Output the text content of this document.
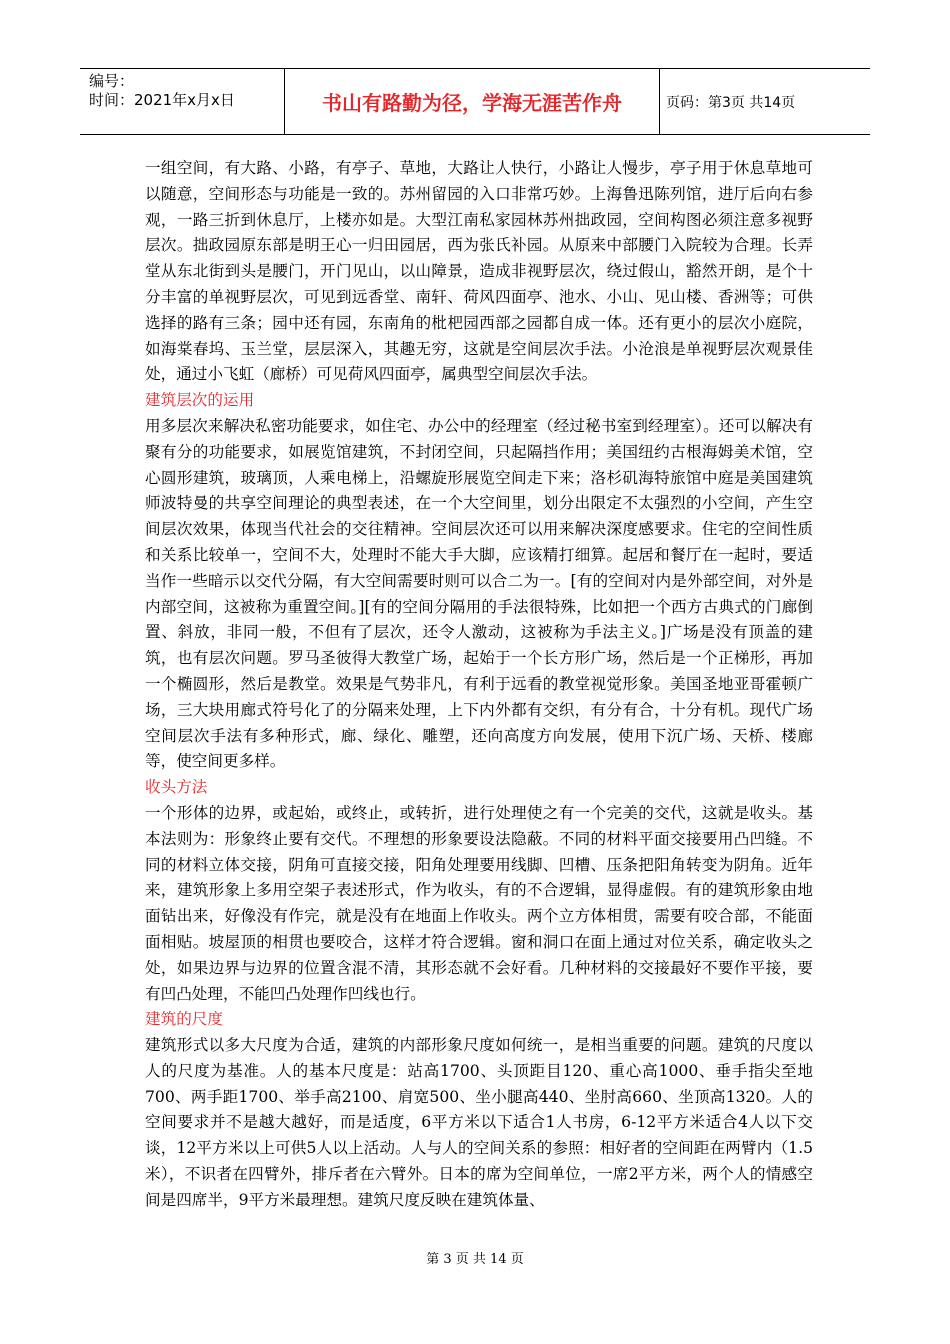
编号：
时间：2021年x月x日	书山有路勤为径，学海无涯苦作舟	页码：第3页 共14页

一组空间，有大路、小路，有亭子、草地，大路让人快行，小路让人慢步，亭子用于休息草地可以随意，空间形态与功能是一致的。苏州留园的入口非常巧妙。上海鲁迅陈列馆，进厅后向右参观，一路三折到休息厅，上楼亦如是。大型江南私家园林苏州拙政园，空间构图必须注意多视野层次。拙政园原东部是明王心一归田园居，西为张氏补园。从原来中部腰门入院较为合理。长弄堂从东北街到头是腰门，开门见山，以山障景，造成非视野层次，绕过假山，豁然开朗，是个十分丰富的单视野层次，可见到远香堂、南轩、荷风四面亭、池水、小山、见山楼、香洲等；可供选择的路有三条；园中还有园，东南角的枇杷园西部之园都自成一体。还有更小的层次小庭院，如海棠春坞、玉兰堂，层层深入，其趣无穷，这就是空间层次手法。小沧浪是单视野层次观景佳处，通过小飞虹（廊桥）可见荷风四面亭，属典型空间层次手法。

建筑层次的运用

用多层次来解决私密功能要求，如住宅、办公中的经理室（经过秘书室到经理室）。还可以解决有聚有分的功能要求，如展览馆建筑，不封闭空间，只起隔挡作用；美国纽约古根海姆美术馆，空心圆形建筑，玻璃顶，人乘电梯上，沿螺旋形展览空间走下来；洛杉矶海特旅馆中庭是美国建筑师波特曼的共享空间理论的典型表述，在一个大空间里，划分出限定不太强烈的小空间，产生空间层次效果，体现当代社会的交往精神。空间层次还可以用来解决深度感要求。住宅的空间性质和关系比较单一，空间不大，处理时不能大手大脚，应该精打细算。起居和餐厅在一起时，要适当作一些暗示以交代分隔，有大空间需要时则可以合二为一。[有的空间对内是外部空间，对外是内部空间，这被称为重置空间。][有的空间分隔用的手法很特殊，比如把一个西方古典式的门廊倒置、斜放，非同一般，不但有了层次，还令人激动，这被称为手法主义。]广场是没有顶盖的建筑，也有层次问题。罗马圣彼得大教堂广场，起始于一个长方形广场，然后是一个正梯形，再加一个椭圆形，然后是教堂。效果是气势非凡，有利于远看的教堂视觉形象。美国圣地亚哥霍顿广场，三大块用廊式符号化了的分隔来处理，上下内外都有交织，有分有合，十分有机。现代广场空间层次手法有多种形式，廊、绿化、雕塑，还向高度方向发展，使用下沉广场、天桥、楼廊等，使空间更多样。

收头方法

一个形体的边界，或起始，或终止，或转折，进行处理使之有一个完美的交代，这就是收头。基本法则为：形象终止要有交代。不理想的形象要设法隐蔽。不同的材料平面交接要用凸凹缝。不同的材料立体交接，阴角可直接交接，阳角处理要用线脚、凹槽、压条把阳角转变为阴角。近年来，建筑形象上多用空架子表述形式，作为收头，有的不合逻辑，显得虚假。有的建筑形象由地面钻出来，好像没有作完，就是没有在地面上作收头。两个立方体相贯，需要有咬合部，不能面面相贴。坡屋顶的相贯也要咬合，这样才符合逻辑。窗和洞口在面上通过对位关系，确定收头之处，如果边界与边界的位置含混不清，其形态就不会好看。几种材料的交接最好不要作平接，要有凹凸处理，不能凹凸处理作凹线也行。

建筑的尺度

建筑形式以多大尺度为合适，建筑的内部形象尺度如何统一，是相当重要的问题。建筑的尺度以人的尺度为基准。人的基本尺度是：站高1700、头顶距目120、重心高1000、垂手指尖至地700、两手距1700、举手高2100、肩宽500、坐小腿高440、坐肘高660、坐顶高1320。人的空间要求并不是越大越好，而是适度，6平方米以下适合1人书房，6-12平方米适合4人以下交谈，12平方米以上可供5人以上活动。人与人的空间关系的参照：相好者的空间距在两臂内（1.5米），不识者在四臂外，排斥者在六臂外。日本的席为空间单位，一席2平方米，两个人的情感空间是四席半，9平方米最理想。建筑尺度反映在建筑体量、

第 3 页 共 14 页
